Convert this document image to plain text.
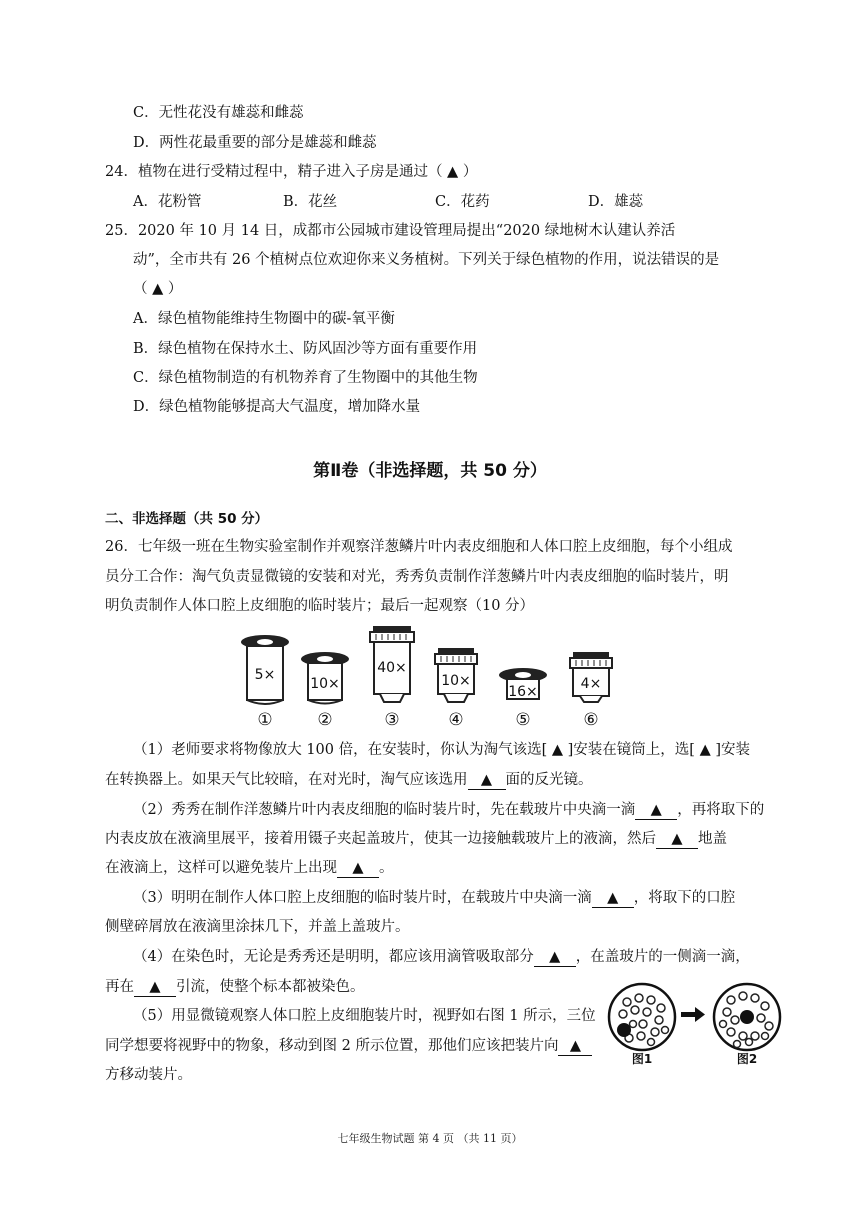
C．无性花没有雄蕊和雌蕊
D．两性花最重要的部分是雄蕊和雌蕊
24．植物在进行受精过程中，精子进入子房是通过（ ▲ ）
A．花粉管	B．花丝	C．花药	D．雄蕊
25．2020 年 10 月 14 日，成都市公园城市建设管理局提出“2020 绿地树木认建认养活
动”，全市共有 26 个植树点位欢迎你来义务植树。下列关于绿色植物的作用，说法错误的是
（ ▲ ）
A．绿色植物能维持生物圈中的碳-氧平衡
B．绿色植物在保持水土、防风固沙等方面有重要作用
C．绿色植物制造的有机物养育了生物圈中的其他生物
D．绿色植物能够提高大气温度，增加降水量
第Ⅱ卷（非选择题，共 50 分）
二、非选择题（共 50 分）
26．七年级一班在生物实验室制作并观察洋葱鳞片叶内表皮细胞和人体口腔上皮细胞，每个小组成
员分工合作：淘气负责显微镜的安装和对光，秀秀负责制作洋葱鳞片叶内表皮细胞的临时装片，明
明负责制作人体口腔上皮细胞的临时装片；最后一起观察（10 分）
5×
①
10×
②
40×
③
10×
④
16×
⑤
4×
⑥
（1）老师要求将物像放大 100 倍，在安装时，你认为淘气该选[ ▲ ]安装在镜筒上，选[ ▲ ]安装
在转换器上。如果天气比较暗，在对光时，淘气应该选用 ▲ 面的反光镜。
（2）秀秀在制作洋葱鳞片叶内表皮细胞的临时装片时，先在载玻片中央滴一滴 ▲ ，再将取下的
内表皮放在液滴里展平，接着用镊子夹起盖玻片，使其一边接触载玻片上的液滴，然后 ▲ 地盖
在液滴上，这样可以避免装片上出现 ▲ 。
（3）明明在制作人体口腔上皮细胞的临时装片时，在载玻片中央滴一滴 ▲ ，将取下的口腔
侧壁碎屑放在液滴里涂抹几下，并盖上盖玻片。
（4）在染色时，无论是秀秀还是明明，都应该用滴管吸取部分 ▲ ，在盖玻片的一侧滴一滴，
再在 ▲ 引流，使整个标本都被染色。
（5）用显微镜观察人体口腔上皮细胞装片时，视野如右图 1 所示，三位
同学想要将视野中的物象，移动到图 2 所示位置，那他们应该把装片向 ▲
方移动装片。
图1	图2
七年级生物试题 第 4 页 （共 11 页）
